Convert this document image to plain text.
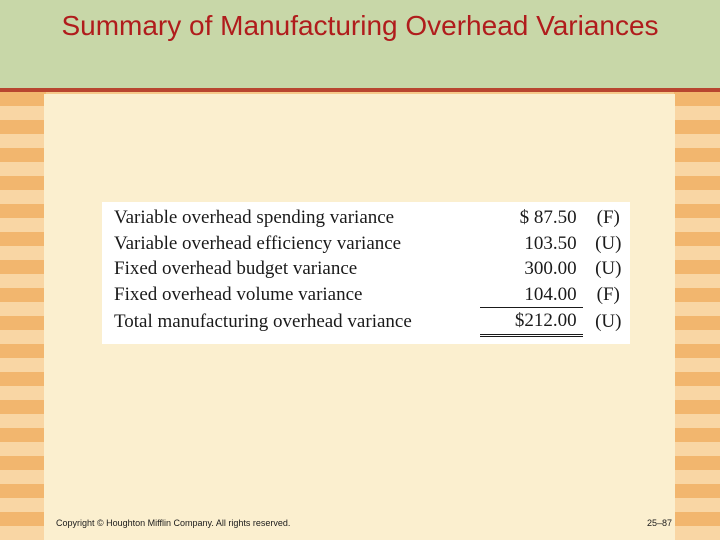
Summary of Manufacturing Overhead Variances
Variable overhead spending variance	$ 87.50	(F)
Variable overhead efficiency variance	103.50	(U)
Fixed overhead budget variance	300.00	(U)
Fixed overhead volume variance	104.00	(F)
Total manufacturing overhead variance	$212.00	(U)
Copyright © Houghton Mifflin Company. All rights reserved.	25–87
